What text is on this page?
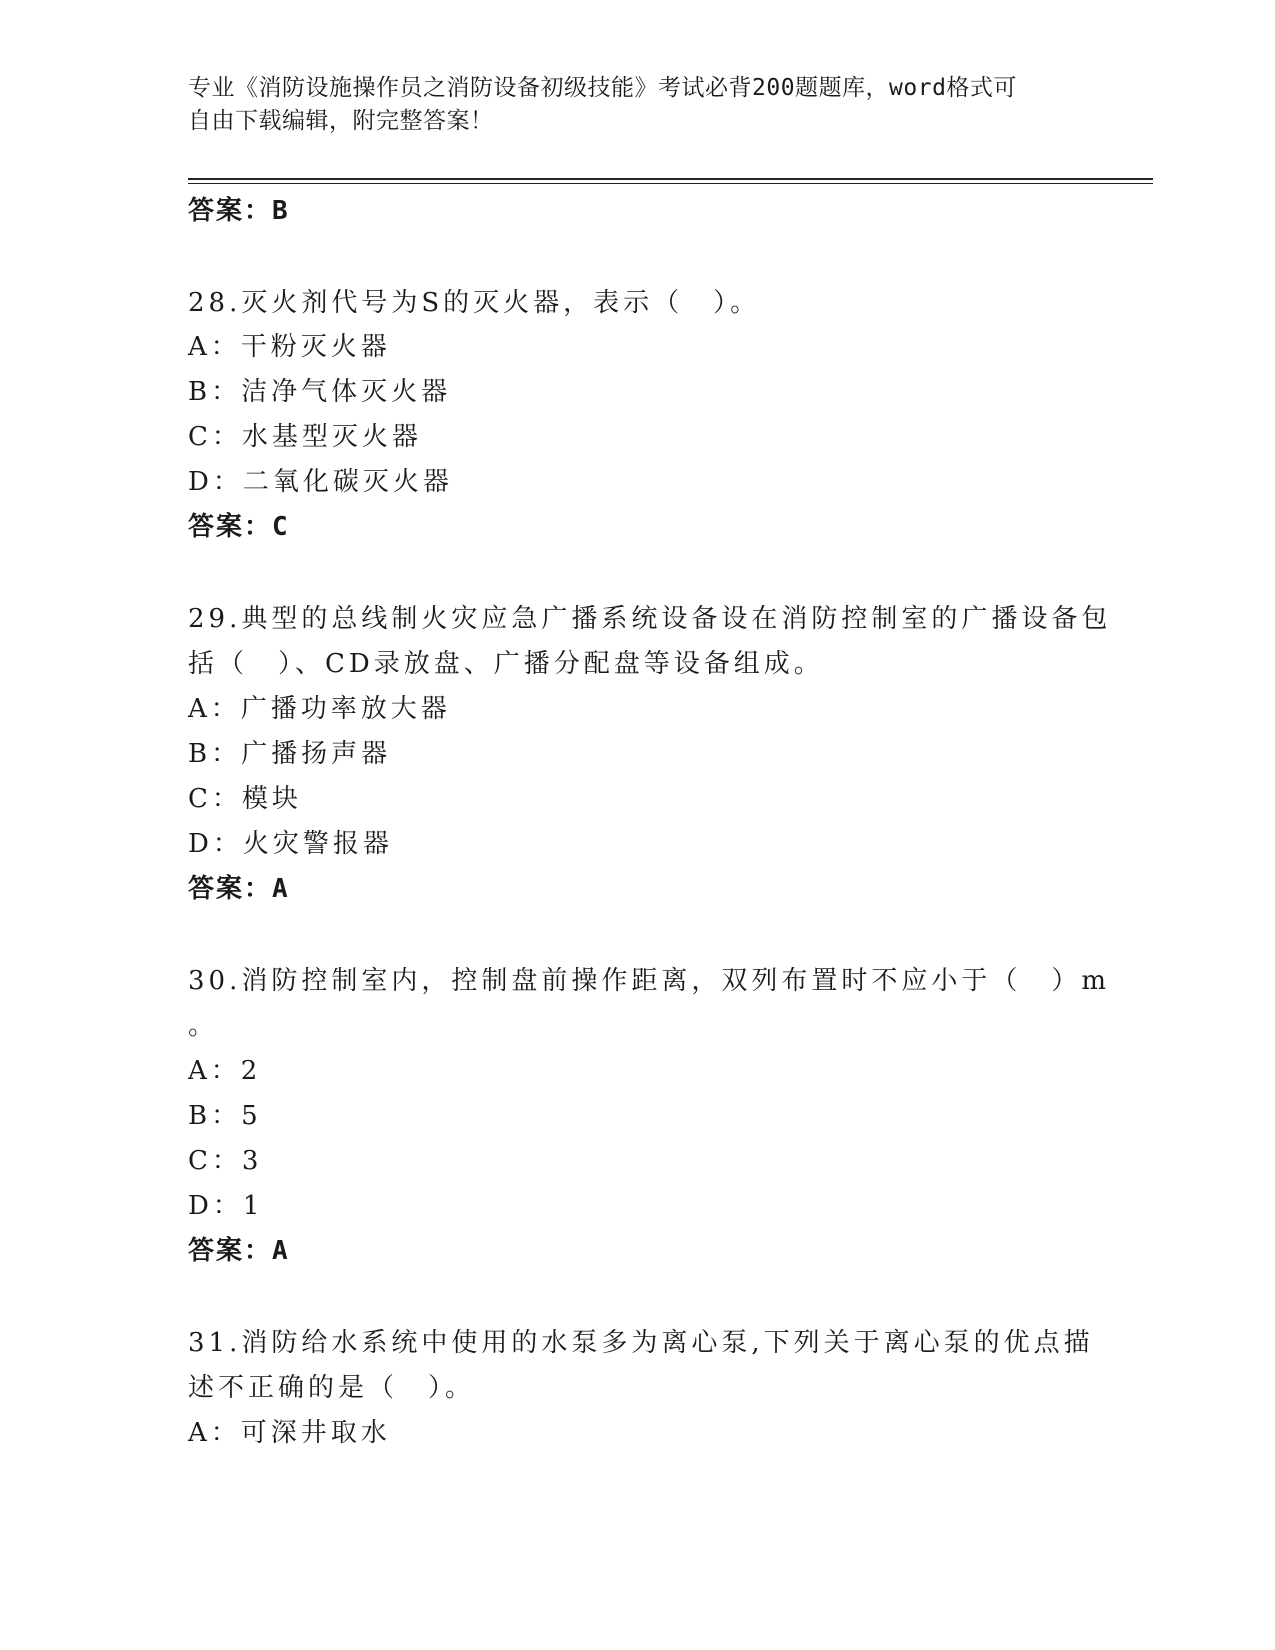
专业《消防设施操作员之消防设备初级技能》考试必背200题题库，word格式可
自由下载编辑，附完整答案！
答案：B
28.灭火剂代号为S的灭火器，表示（　）。
A：干粉灭火器
B：洁净气体灭火器
C：水基型灭火器
D：二氧化碳灭火器
答案：C
29.典型的总线制火灾应急广播系统设备设在消防控制室的广播设备包
括（　）、CD录放盘、广播分配盘等设备组成。
A：广播功率放大器
B：广播扬声器
C：模块
D：火灾警报器
答案：A
30.消防控制室内，控制盘前操作距离，双列布置时不应小于（　）m
。
A：2
B：5
C：3
D：1
答案：A
31.消防给水系统中使用的水泵多为离心泵,下列关于离心泵的优点描
述不正确的是（　）。
A：可深井取水
